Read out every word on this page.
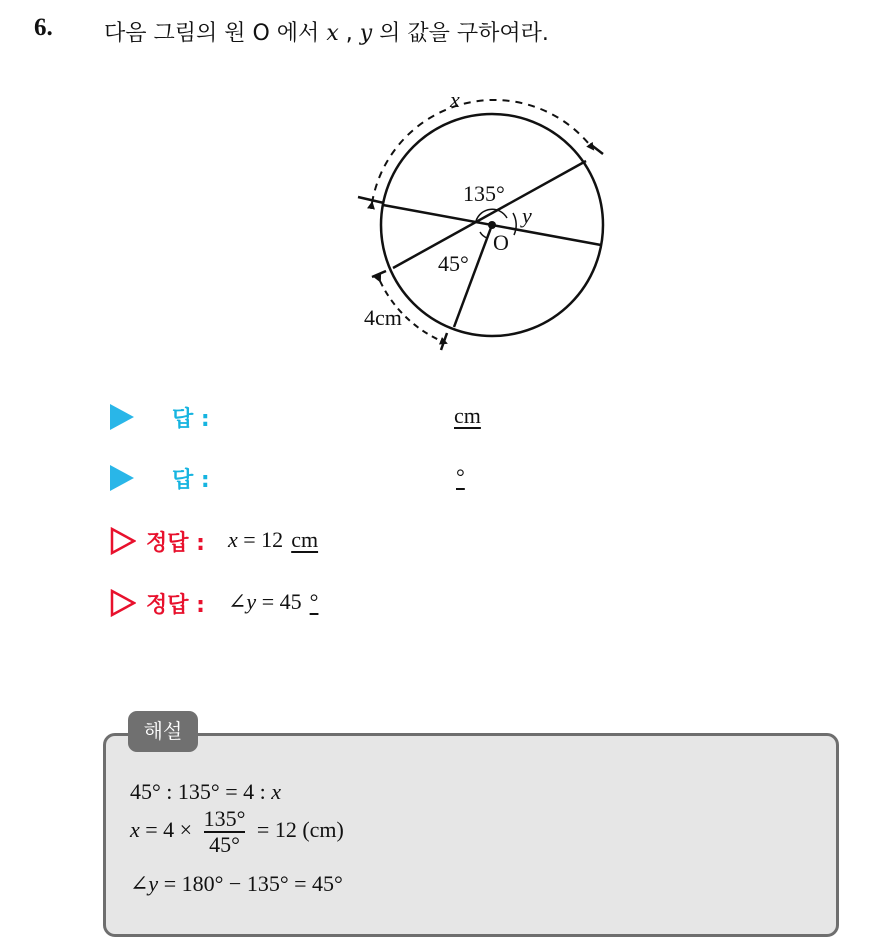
6. 다음 그림의 원 O 에서 x , y 의 값을 구하여라.
x
135°
y
O
45°
4cm
답 :	cm
답 :	°
정답 : x = 12 cm
정답 : ∠y = 45 °
해설
45° : 135° = 4 : x
$x = 4 \times \frac{135^\circ}{45^\circ} = 12$ (cm)
∠y = 180° − 135° = 45°
